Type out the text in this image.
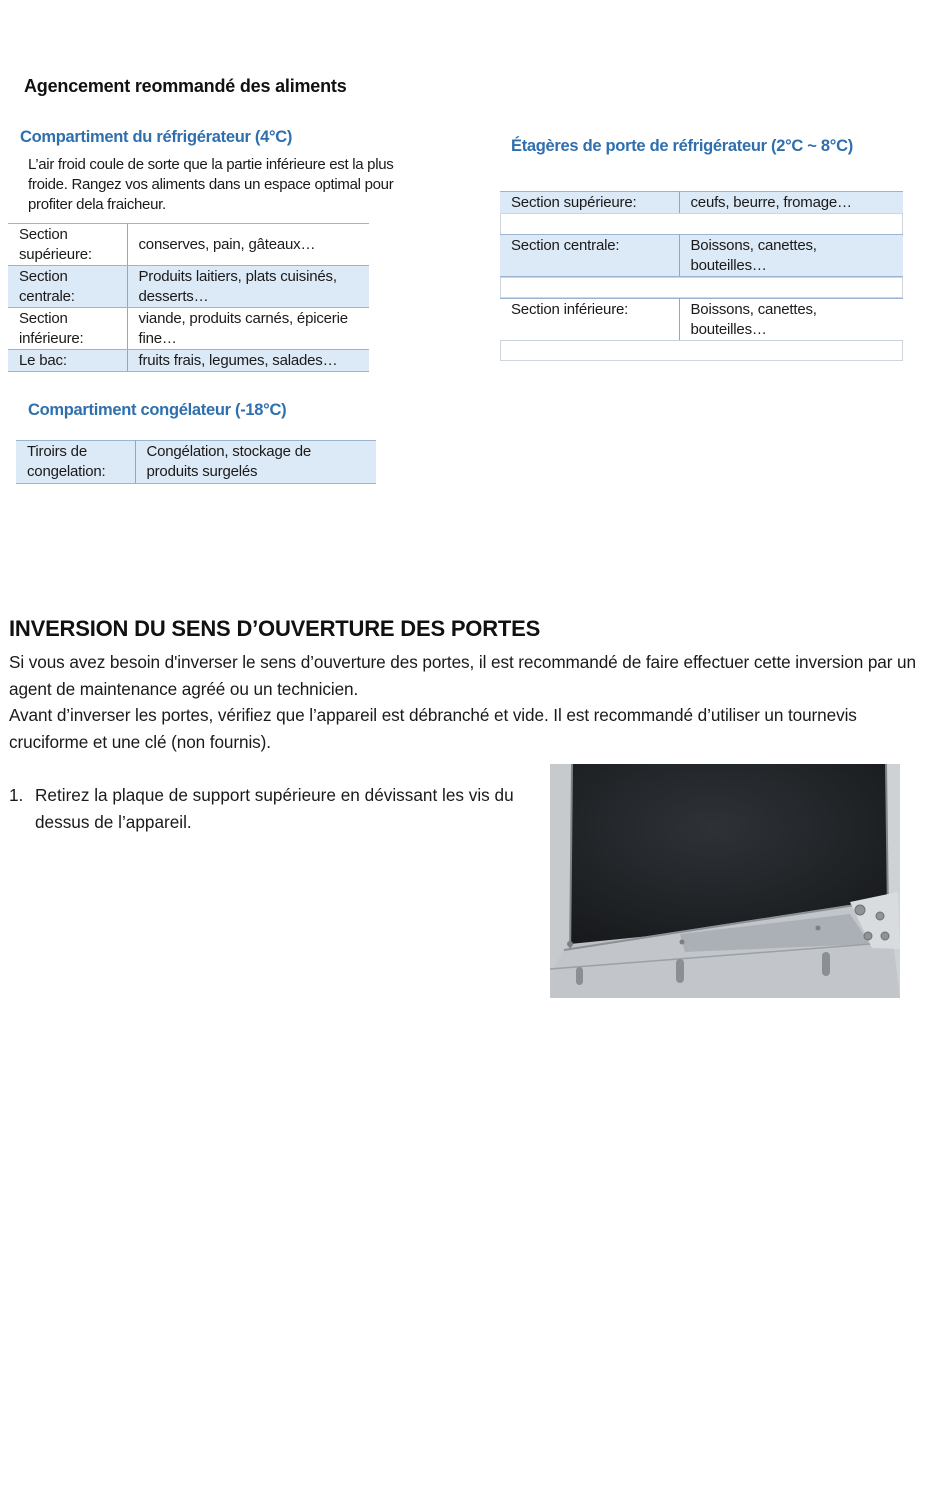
Agencement reommandé des aliments
Compartiment du réfrigérateur (4°C)
L’air froid coule de sorte que la partie inférieure est la plus froide. Rangez vos aliments dans un espace optimal pour profiter dela fraicheur.
Section supérieure:	conserves, pain, gâteaux…
Section centrale:	Produits laitiers, plats cuisinés, desserts…
Section inférieure:	viande, produits carnés, épicerie fine…
Le bac:	fruits frais, legumes, salades…
Compartiment congélateur (-18°C)
Tiroirs de congelation:	Congélation, stockage de produits surgelés
Étagères de porte de réfrigérateur (2°C ~ 8°C)
Section supérieure:	ceufs, beurre, fromage…
Section centrale:	Boissons, canettes, bouteilles…
Section inférieure:	Boissons, canettes, bouteilles…
INVERSION DU SENS D’OUVERTURE DES PORTES
Si vous avez besoin d'inverser le sens d’ouverture des portes, il est recommandé de faire effectuer cette inversion par un agent de maintenance agréé ou un technicien.
Avant d’inverser les portes, vérifiez que l’appareil est débranché et vide. Il est recommandé d’utiliser un tournevis cruciforme et une clé (non fournis).
1. Retirez la plaque de support supérieure en dévissant les vis du dessus de l’appareil.
